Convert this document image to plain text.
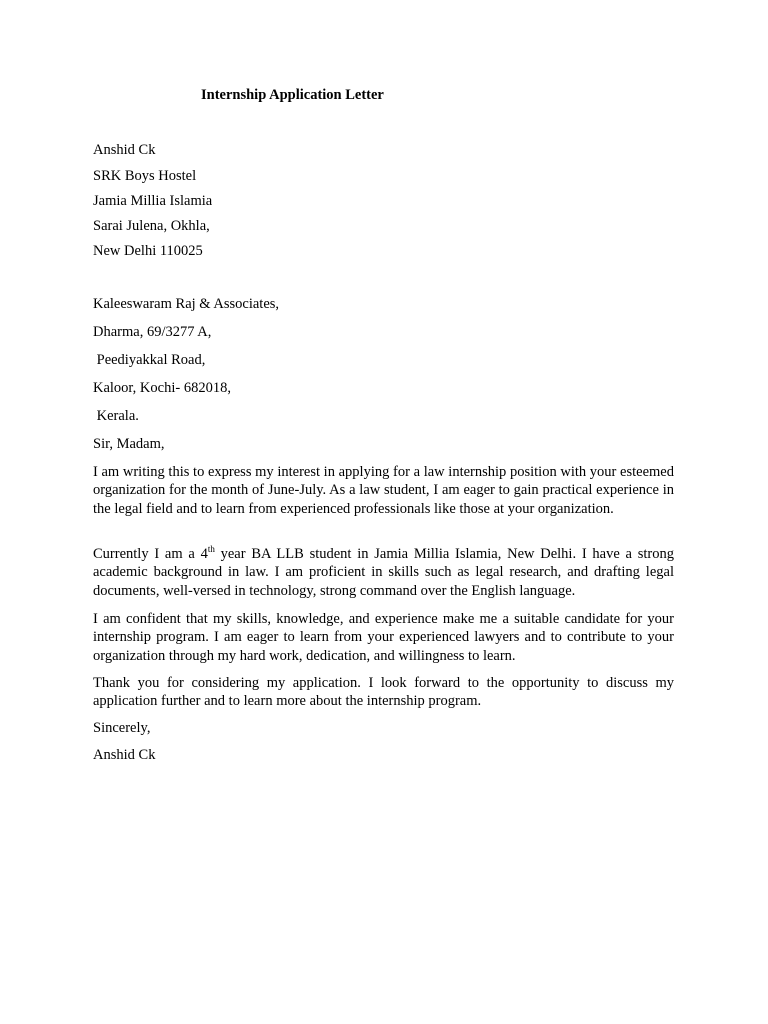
Internship Application Letter
Anshid Ck
SRK Boys Hostel
Jamia Millia Islamia
Sarai Julena, Okhla,
New Delhi 110025
Kaleeswaram Raj & Associates,
Dharma, 69/3277 A,
Peediyakkal Road,
Kaloor, Kochi- 682018,
Kerala.
Sir, Madam,
I am writing this to express my interest in applying for a law internship position with your esteemed organization for the month of June-July. As a law student, I am eager to gain practical experience in the legal field and to learn from experienced professionals like those at your organization.
Currently I am a 4th year BA LLB student in Jamia Millia Islamia, New Delhi. I have a strong academic background in law. I am proficient in skills such as legal research, and drafting legal documents, well-versed in technology, strong command over the English language.
I am confident that my skills, knowledge, and experience make me a suitable candidate for your internship program. I am eager to learn from your experienced lawyers and to contribute to your organization through my hard work, dedication, and willingness to learn.
Thank you for considering my application. I look forward to the opportunity to discuss my application further and to learn more about the internship program.
Sincerely,
Anshid Ck
